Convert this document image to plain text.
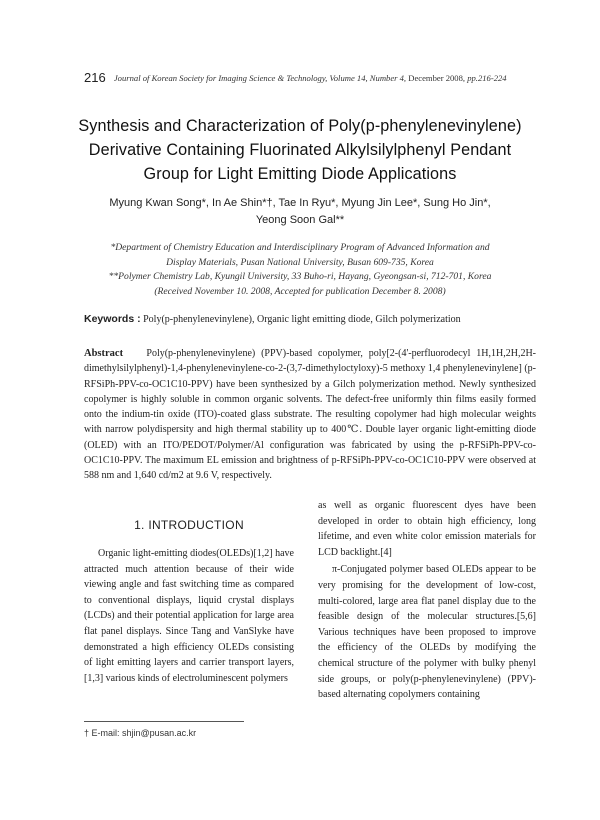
216 Journal of Korean Society for Imaging Science & Technology, Volume 14, Number 4, December 2008, pp.216-224
Synthesis and Characterization of Poly(p-phenylenevinylene)
Derivative Containing Fluorinated Alkylsilylphenyl Pendant
Group for Light Emitting Diode Applications
Myung Kwan Song*, In Ae Shin*†, Tae In Ryu*, Myung Jin Lee*, Sung Ho Jin*,
Yeong Soon Gal**
*Department of Chemistry Education and Interdisciplinary Program of Advanced Information and
Display Materials, Pusan National University, Busan 609-735, Korea
**Polymer Chemistry Lab, Kyungil University, 33 Buho-ri, Hayang, Gyeongsan-si, 712-701, Korea
(Received November 10. 2008, Accepted for publication December 8. 2008)
Keywords : Poly(p-phenylenevinylene), Organic light emitting diode, Gilch polymerization
Abstract Poly(p-phenylenevinylene) (PPV)-based copolymer, poly[2-(4'-perfluorodecyl 1H,1H,2H,2H-dimethylsilylphenyl)-1,4-phenylenevinylene-co-2-(3,7-dimethyloctyloxy)-5 methoxy 1,4 phenylenevinylene] (p-RFSiPh-PPV-co-OC1C10-PPV) have been synthesized by a Gilch polymerization method. Newly synthesized copolymer is highly soluble in common organic solvents. The defect-free uniformly thin films easily formed onto the indium-tin oxide (ITO)-coated glass substrate. The resulting copolymer had high molecular weights with narrow polydispersity and high thermal stability up to 400℃. Double layer organic light-emitting diode (OLED) with an ITO/PEDOT/Polymer/Al configuration was fabricated by using the p-RFSiPh-PPV-co-OC1C10-PPV. The maximum EL emission and brightness of p-RFSiPh-PPV-co-OC1C10-PPV were observed at 588 nm and 1,640 cd/m2 at 9.6 V, respectively.
1. INTRODUCTION

Organic light-emitting diodes(OLEDs)[1,2] have attracted much attention because of their wide viewing angle and fast switching time as compared to conventional displays, liquid crystal displays (LCDs) and their potential application for large area flat panel displays. Since Tang and VanSlyke have demonstrated a high efficiency OLEDs consisting of light emitting layers and carrier transport layers,[1,3] various kinds of electroluminescent polymers

as well as organic fluorescent dyes have been developed in order to obtain high efficiency, long lifetime, and even white color emission materials for LCD backlight.[4]

π-Conjugated polymer based OLEDs appear to be very promising for the development of low-cost, multi-colored, large area flat panel display due to the feasible design of the molecular structures.[5,6] Various techniques have been proposed to improve the efficiency of the OLEDs by modifying the chemical structure of the polymer with bulky phenyl side groups, or poly(p-phenylenevinylene) (PPV)-based alternating copolymers containing

† E-mail: shjin@pusan.ac.kr
